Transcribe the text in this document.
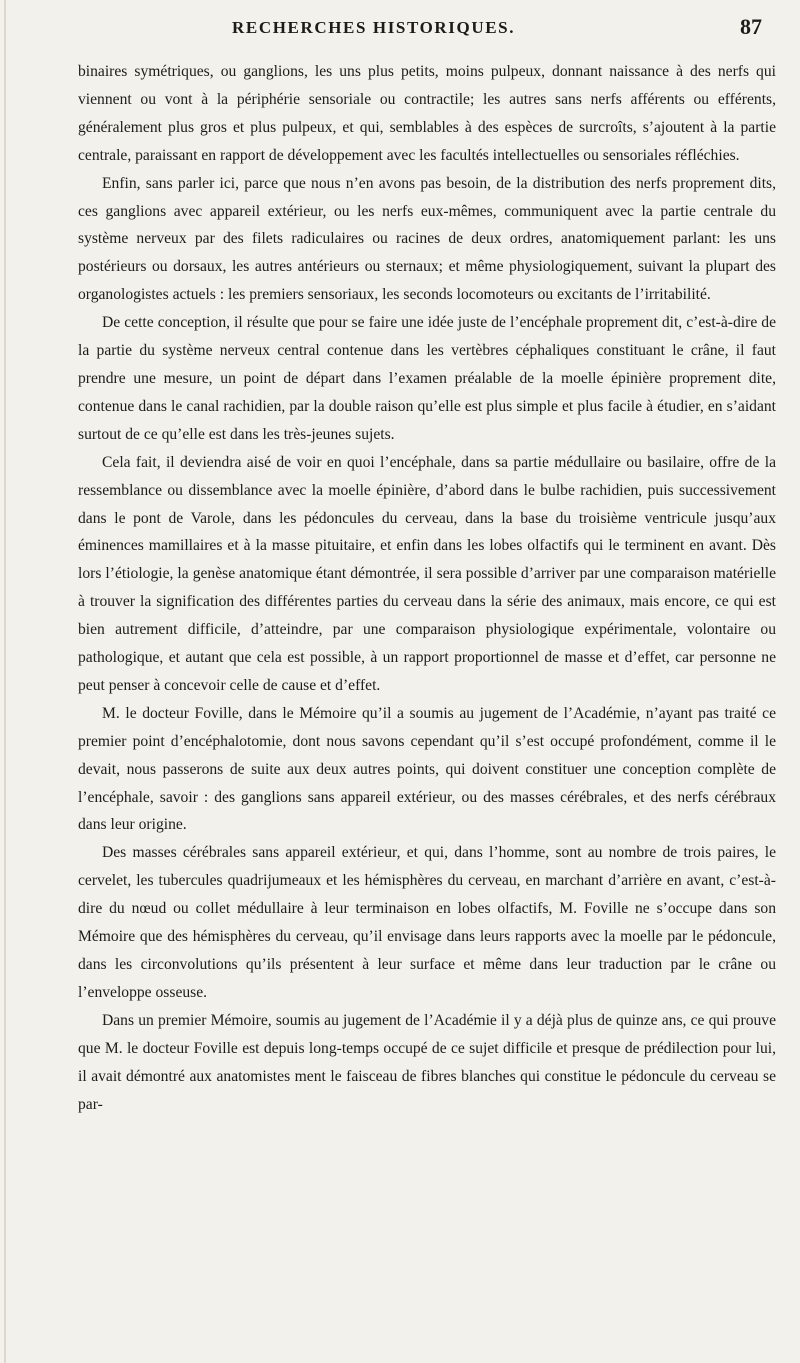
RECHERCHES HISTORIQUES.	87

binaires symétriques, ou ganglions, les uns plus petits, moins pulpeux, donnant naissance à des nerfs qui viennent ou vont à la périphérie sensoriale ou contractile; les autres sans nerfs afférents ou efférents, généralement plus gros et plus pulpeux, et qui, semblables à des espèces de surcroîts, s’ajoutent à la partie centrale, paraissant en rapport de développement avec les facultés intellectuelles ou sensoriales réfléchies.

Enfin, sans parler ici, parce que nous n’en avons pas besoin, de la distribution des nerfs proprement dits, ces ganglions avec appareil extérieur, ou les nerfs eux-mêmes, communiquent avec la partie centrale du système nerveux par des filets radiculaires ou racines de deux ordres, anatomiquement parlant: les uns postérieurs ou dorsaux, les autres antérieurs ou sternaux; et même physiologiquement, suivant la plupart des organologistes actuels : les premiers sensoriaux, les seconds locomoteurs ou excitants de l’irritabilité.

De cette conception, il résulte que pour se faire une idée juste de l’encéphale proprement dit, c’est-à-dire de la partie du système nerveux central contenue dans les vertèbres céphaliques constituant le crâne, il faut prendre une mesure, un point de départ dans l’examen préalable de la moelle épinière proprement dite, contenue dans le canal rachidien, par la double raison qu’elle est plus simple et plus facile à étudier, en s’aidant surtout de ce qu’elle est dans les très-jeunes sujets.

Cela fait, il deviendra aisé de voir en quoi l’encéphale, dans sa partie médullaire ou basilaire, offre de la ressemblance ou dissemblance avec la moelle épinière, d’abord dans le bulbe rachidien, puis successivement dans le pont de Varole, dans les pédoncules du cerveau, dans la base du troisième ventricule jusqu’aux éminences mamillaires et à la masse pituitaire, et enfin dans les lobes olfactifs qui le terminent en avant. Dès lors l’étiologie, la genèse anatomique étant démontrée, il sera possible d’arriver par une comparaison matérielle à trouver la signification des différentes parties du cerveau dans la série des animaux, mais encore, ce qui est bien autrement difficile, d’atteindre, par une comparaison physiologique expérimentale, volontaire ou pathologique, et autant que cela est possible, à un rapport proportionnel de masse et d’effet, car personne ne peut penser à concevoir celle de cause et d’effet.

M. le docteur Foville, dans le Mémoire qu’il a soumis au jugement de l’Académie, n’ayant pas traité ce premier point d’encéphalotomie, dont nous savons cependant qu’il s’est occupé profondément, comme il le devait, nous passerons de suite aux deux autres points, qui doivent constituer une conception complète de l’encéphale, savoir : des ganglions sans appareil extérieur, ou des masses cérébrales, et des nerfs cérébraux dans leur origine.

Des masses cérébrales sans appareil extérieur, et qui, dans l’homme, sont au nombre de trois paires, le cervelet, les tubercules quadrijumeaux et les hémisphères du cerveau, en marchant d’arrière en avant, c’est-à-dire du nœud ou collet médullaire à leur terminaison en lobes olfactifs, M. Foville ne s’occupe dans son Mémoire que des hémisphères du cerveau, qu’il envisage dans leurs rapports avec la moelle par le pédoncule, dans les circonvolutions qu’ils présentent à leur surface et même dans leur traduction par le crâne ou l’enveloppe osseuse.

Dans un premier Mémoire, soumis au jugement de l’Académie il y a déjà plus de quinze ans, ce qui prouve que M. le docteur Foville est depuis long-temps occupé de ce sujet difficile et presque de prédilection pour lui, il avait démontré aux anatomistes ment le faisceau de fibres blanches qui constitue le pédoncule du cerveau se par-
